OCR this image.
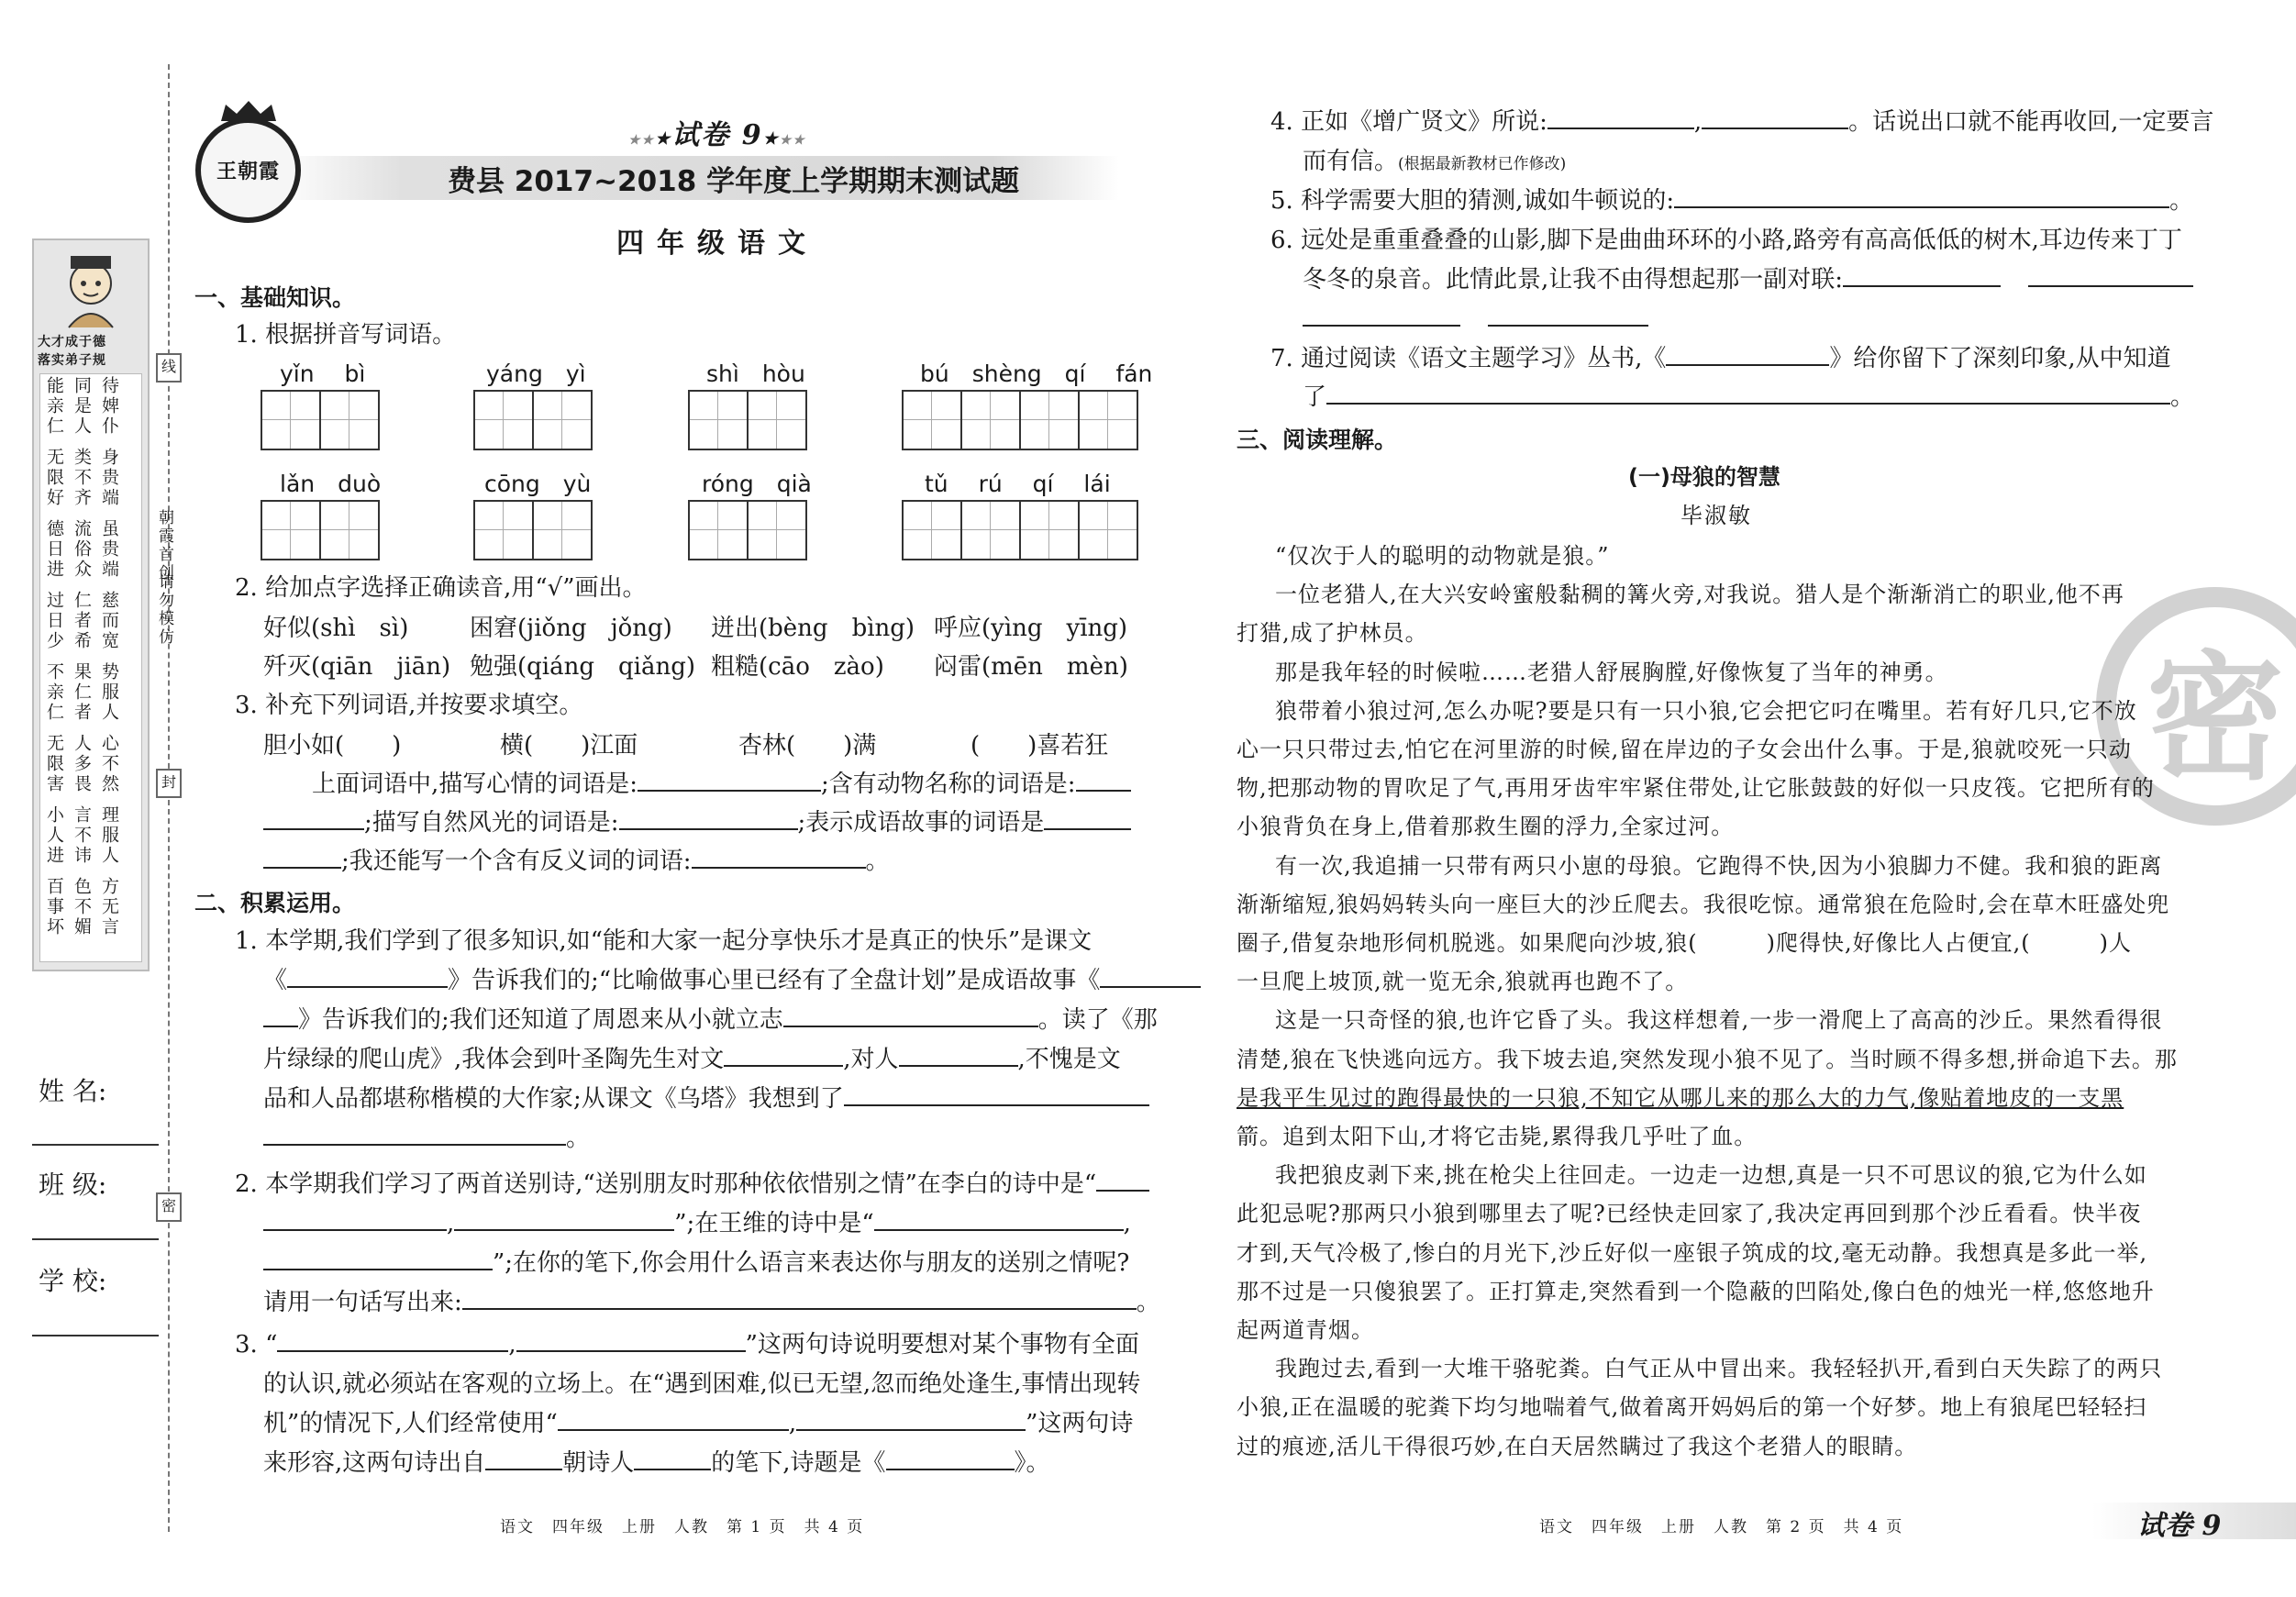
线
封
密
朝霞首创
请勿模仿
大才成于德
落实弟子规
能亲仁
无限好
德日进
过日少
不亲仁
无限害
小人进
百事坏
同是人
类不齐
流俗众
仁者希
果仁者
人多畏
言不讳
色不媚
待婢仆
身贵端
虽贵端
慈而宽
势服人
心不然
理服人
方无言
姓 名:
班 级:
学 校:
王朝霞
★★★试卷 9★★★
费县 2017~2018 学年度上学期期末测试题
四年级语文
一、基础知识。
1. 根据拼音写词语。
yǐn　 bì	yáng　yì	shì　hòu	bú　shèng　qí　 fán
lǎn　duò	cōng　yù	róng　qià	tǔ　 rú　 qí　 lái
2. 给加点字选择正确读音,用“√”画出。
好似(shì　sì)	困窘(jiǒng　jǒng) 迸出(bèng　bìng) 呼应(yìng　yīng)
歼灭(qiān　jiān) 勉强(qiáng　qiǎng) 粗糙(cāo　zào) 闷雷(mēn　mèn)
3. 补充下列词语,并按要求填空。
胆小如(　　)	横(　　)江面	杏林(　　)满	(　　)喜若狂
上面词语中,描写心情的词语是:	;含有动物名称的词语是:
;描写自然风光的词语是:	;表示成语故事的词语是
;我还能写一个含有反义词的词语:	。
二、积累运用。
1. 本学期,我们学到了很多知识,如“能和大家一起分享快乐才是真正的快乐”是课文
《	》告诉我们的;“比喻做事心里已经有了全盘计划”是成语故事《
》告诉我们的;我们还知道了周恩来从小就立志	。读了《那
片绿绿的爬山虎》,我体会到叶圣陶先生对文	,对人	,不愧是文
品和人品都堪称楷模的大作家;从课文《乌塔》我想到了
。
2. 本学期我们学习了两首送别诗,“送别朋友时那种依依惜别之情”在李白的诗中是“
,	”;在王维的诗中是“	,
”;在你的笔下,你会用什么语言来表达你与朋友的送别之情呢?
请用一句话写出来:	。
3. “	,	”这两句诗说明要想对某个事物有全面
的认识,就必须站在客观的立场上。在“遇到困难,似已无望,忽而绝处逢生,事情出现转
机”的情况下,人们经常使用“	,	”这两句诗
来形容,这两句诗出自	朝诗人	的笔下,诗题是《	》。
语文　四年级　上册　人教　第 1 页　共 4 页
4. 正如《增广贤文》所说:	,	。话说出口就不能再收回,一定要言
而有信。(根据最新教材已作修改)
5. 科学需要大胆的猜测,诚如牛顿说的:	。
6. 远处是重重叠叠的山影,脚下是曲曲环环的小路,路旁有高高低低的树木,耳边传来丁丁
冬冬的泉音。此情此景,让我不由得想起那一副对联:
7. 通过阅读《语文主题学习》丛书,《	》给你留下了深刻印象,从中知道
了	。
三、阅读理解。
(一)母狼的智慧
毕淑敏
密
“仅次于人的聪明的动物就是狼。”
一位老猎人,在大兴安岭蜜般黏稠的篝火旁,对我说。猎人是个渐渐消亡的职业,他不再
打猎,成了护林员。
那是我年轻的时候啦……老猎人舒展胸膛,好像恢复了当年的神勇。
狼带着小狼过河,怎么办呢?要是只有一只小狼,它会把它叼在嘴里。若有好几只,它不放
心一只只带过去,怕它在河里游的时候,留在岸边的子女会出什么事。于是,狼就咬死一只动
物,把那动物的胃吹足了气,再用牙齿牢牢紧住带处,让它胀鼓鼓的好似一只皮筏。它把所有的
小狼背负在身上,借着那救生圈的浮力,全家过河。
有一次,我追捕一只带有两只小崽的母狼。它跑得不快,因为小狼脚力不健。我和狼的距离
渐渐缩短,狼妈妈转头向一座巨大的沙丘爬去。我很吃惊。通常狼在危险时,会在草木旺盛处兜
圈子,借复杂地形伺机脱逃。如果爬向沙坡,狼(　　　)爬得快,好像比人占便宜,(　　　)人
一旦爬上坡顶,就一览无余,狼就再也跑不了。
这是一只奇怪的狼,也许它昏了头。我这样想着,一步一滑爬上了高高的沙丘。果然看得很
清楚,狼在飞快逃向远方。我下坡去追,突然发现小狼不见了。当时顾不得多想,拼命追下去。那
是我平生见过的跑得最快的一只狼,不知它从哪儿来的那么大的力气,像贴着地皮的一支黑
箭。追到太阳下山,才将它击毙,累得我几乎吐了血。
我把狼皮剥下来,挑在枪尖上往回走。一边走一边想,真是一只不可思议的狼,它为什么如
此犯忌呢?那两只小狼到哪里去了呢?已经快走回家了,我决定再回到那个沙丘看看。快半夜
才到,天气冷极了,惨白的月光下,沙丘好似一座银子筑成的坟,毫无动静。我想真是多此一举,
那不过是一只傻狼罢了。正打算走,突然看到一个隐蔽的凹陷处,像白色的烛光一样,悠悠地升
起两道青烟。
我跑过去,看到一大堆干骆驼粪。白气正从中冒出来。我轻轻扒开,看到白天失踪了的两只
小狼,正在温暖的驼粪下均匀地喘着气,做着离开妈妈后的第一个好梦。地上有狼尾巴轻轻扫
过的痕迹,活儿干得很巧妙,在白天居然瞒过了我这个老猎人的眼睛。
语文　四年级　上册　人教　第 2 页　共 4 页	试卷 9
